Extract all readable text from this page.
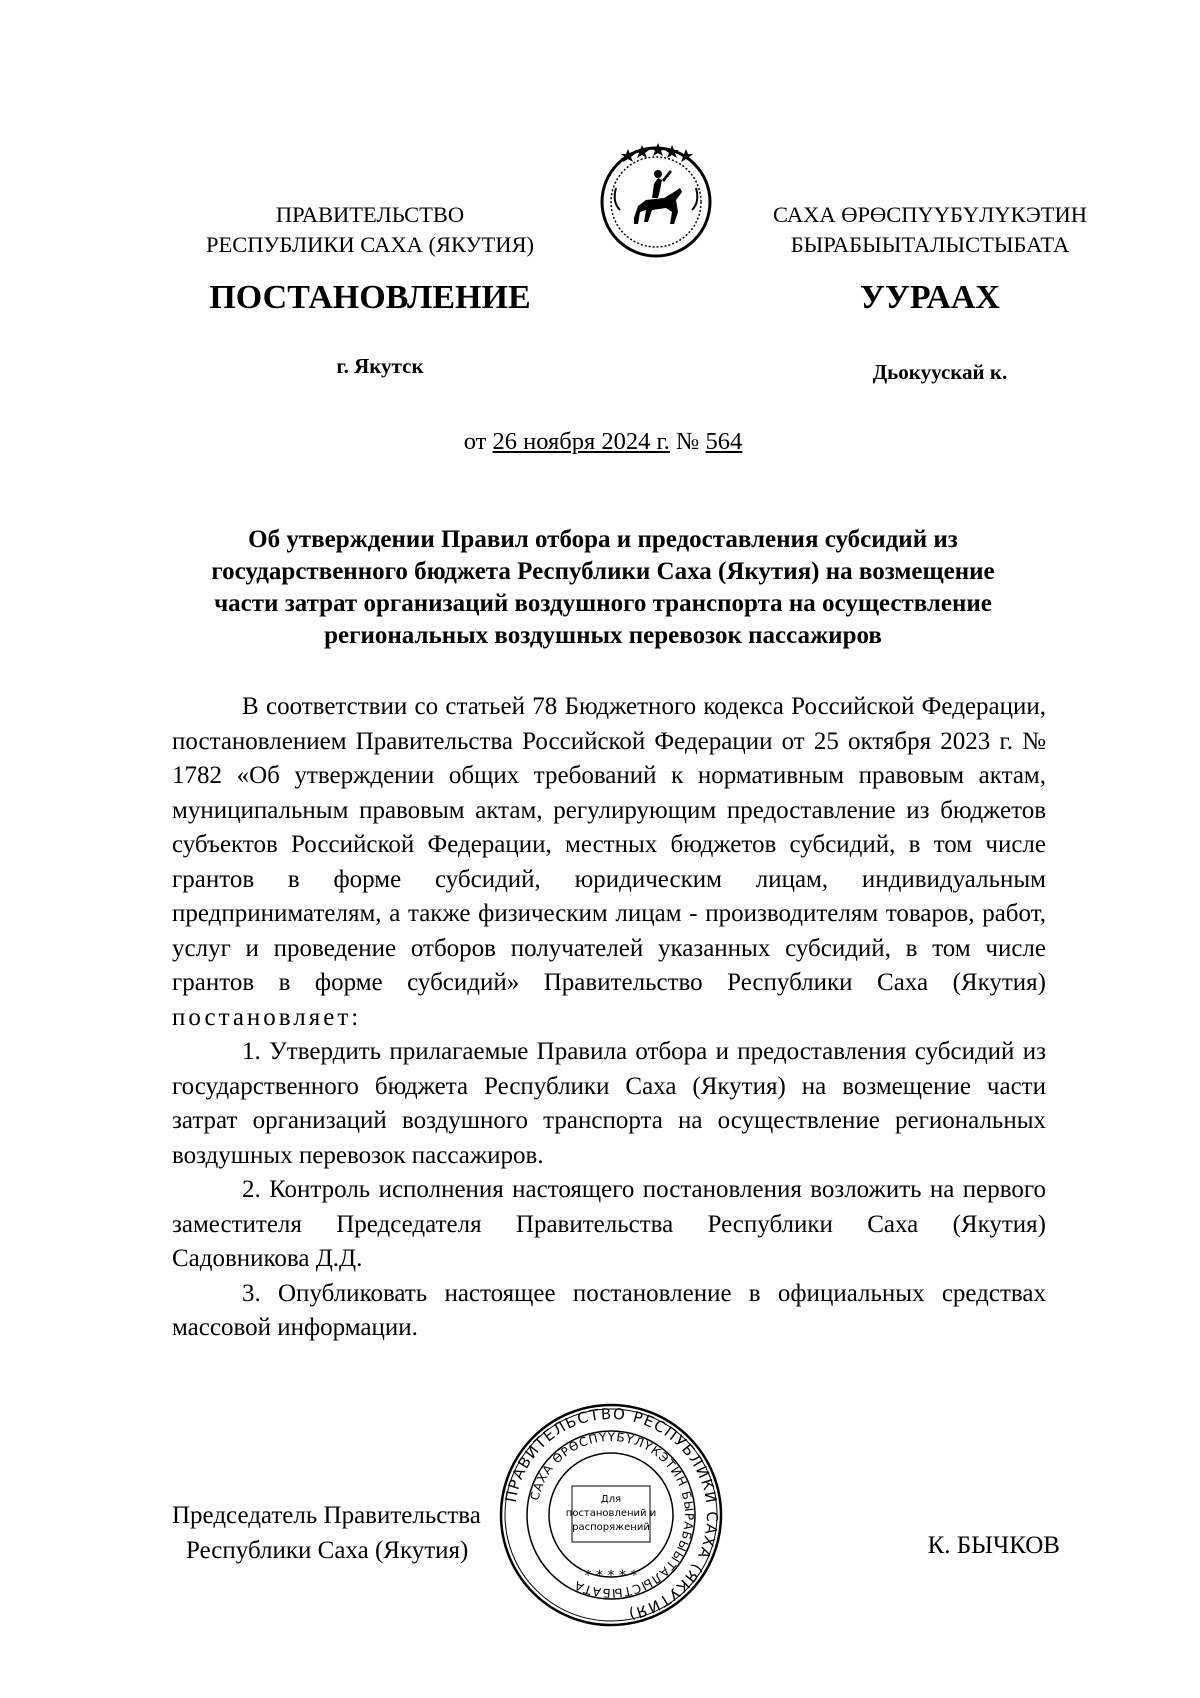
ПРАВИТЕЛЬСТВО
РЕСПУБЛИКИ САХА (ЯКУТИЯ)
САХА ӨРӨСПҮҮБҮЛҮКЭТИН
БЫРАБЫЫТАЛЫСТЫБАТА
ПОСТАНОВЛЕНИЕ	УУРААХ
г. Якутск	Дьокуускай к.
от 26 ноября 2024 г. № 564
Об утверждении Правил отбора и предоставления субсидий из
государственного бюджета Республики Саха (Якутия) на возмещение
части затрат организаций воздушного транспорта на осуществление
региональных воздушных перевозок пассажиров

В соответствии со статьей 78 Бюджетного кодекса Российской Федерации, постановлением Правительства Российской Федерации от 25 октября 2023 г. № 1782 «Об утверждении общих требований к нормативным правовым актам, муниципальным правовым актам, регулирующим предоставление из бюджетов субъектов Российской Федерации, местных бюджетов субсидий, в том числе грантов в форме субсидий, юридическим лицам, индивидуальным предпринимателям, а также физическим лицам - производителям товаров, работ, услуг и проведение отборов получателей указанных субсидий, в том числе грантов в форме субсидий» Правительство Республики Саха (Якутия) постановляет:

1. Утвердить прилагаемые Правила отбора и предоставления субсидий из государственного бюджета Республики Саха (Якутия) на возмещение части затрат организаций воздушного транспорта на осуществление региональных воздушных перевозок пассажиров.

2. Контроль исполнения настоящего постановления возложить на первого заместителя Председателя Правительства Республики Саха (Якутия) Садовникова Д.Д.

3. Опубликовать настоящее постановление в официальных средствах массовой информации.

Председатель Правительства
Республики Саха (Якутия)
ПРАВИТЕЛЬСТВО РЕСПУБЛИКИ САХА (ЯКУТИЯ)
САХА ӨРӨСПҮҮБҮЛҮКЭТИН БЫРАБЫЫТАЛЫСТЫБАТА
Для
постановлений и
распоряжений
* * * * *
К. БЫЧКОВ
